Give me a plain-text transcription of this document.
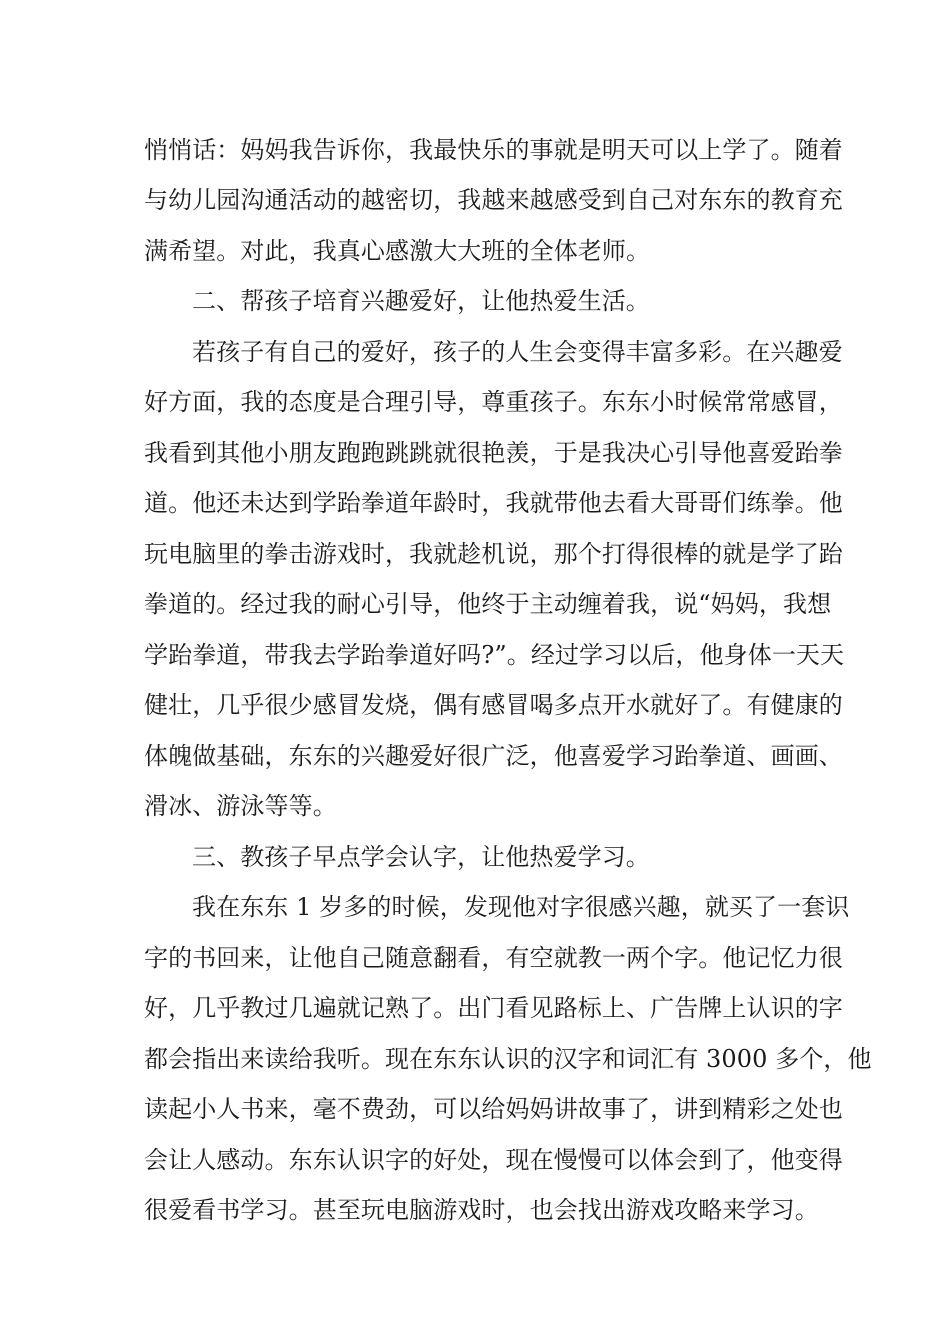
悄悄话：妈妈我告诉你，我最快乐的事就是明天可以上学了。随着
与幼儿园沟通活动的越密切，我越来越感受到自己对东东的教育充
满希望。对此，我真心感激大大班的全体老师。
二、帮孩子培育兴趣爱好，让他热爱生活。
若孩子有自己的爱好，孩子的人生会变得丰富多彩。在兴趣爱
好方面，我的态度是合理引导，尊重孩子。东东小时候常常感冒，
我看到其他小朋友跑跑跳跳就很艳羡，于是我决心引导他喜爱跆拳
道。他还未达到学跆拳道年龄时，我就带他去看大哥哥们练拳。他
玩电脑里的拳击游戏时，我就趁机说，那个打得很棒的就是学了跆
拳道的。经过我的耐心引导，他终于主动缠着我，说“妈妈，我想
学跆拳道，带我去学跆拳道好吗?”。经过学习以后，他身体一天天
健壮，几乎很少感冒发烧，偶有感冒喝多点开水就好了。有健康的
体魄做基础，东东的兴趣爱好很广泛，他喜爱学习跆拳道、画画、
滑冰、游泳等等。
三、教孩子早点学会认字，让他热爱学习。
我在东东 1 岁多的时候，发现他对字很感兴趣，就买了一套识
字的书回来，让他自己随意翻看，有空就教一两个字。他记忆力很
好，几乎教过几遍就记熟了。出门看见路标上、广告牌上认识的字
都会指出来读给我听。现在东东认识的汉字和词汇有 3000 多个，他
读起小人书来，毫不费劲，可以给妈妈讲故事了，讲到精彩之处也
会让人感动。东东认识字的好处，现在慢慢可以体会到了，他变得
很爱看书学习。甚至玩电脑游戏时，也会找出游戏攻略来学习。
